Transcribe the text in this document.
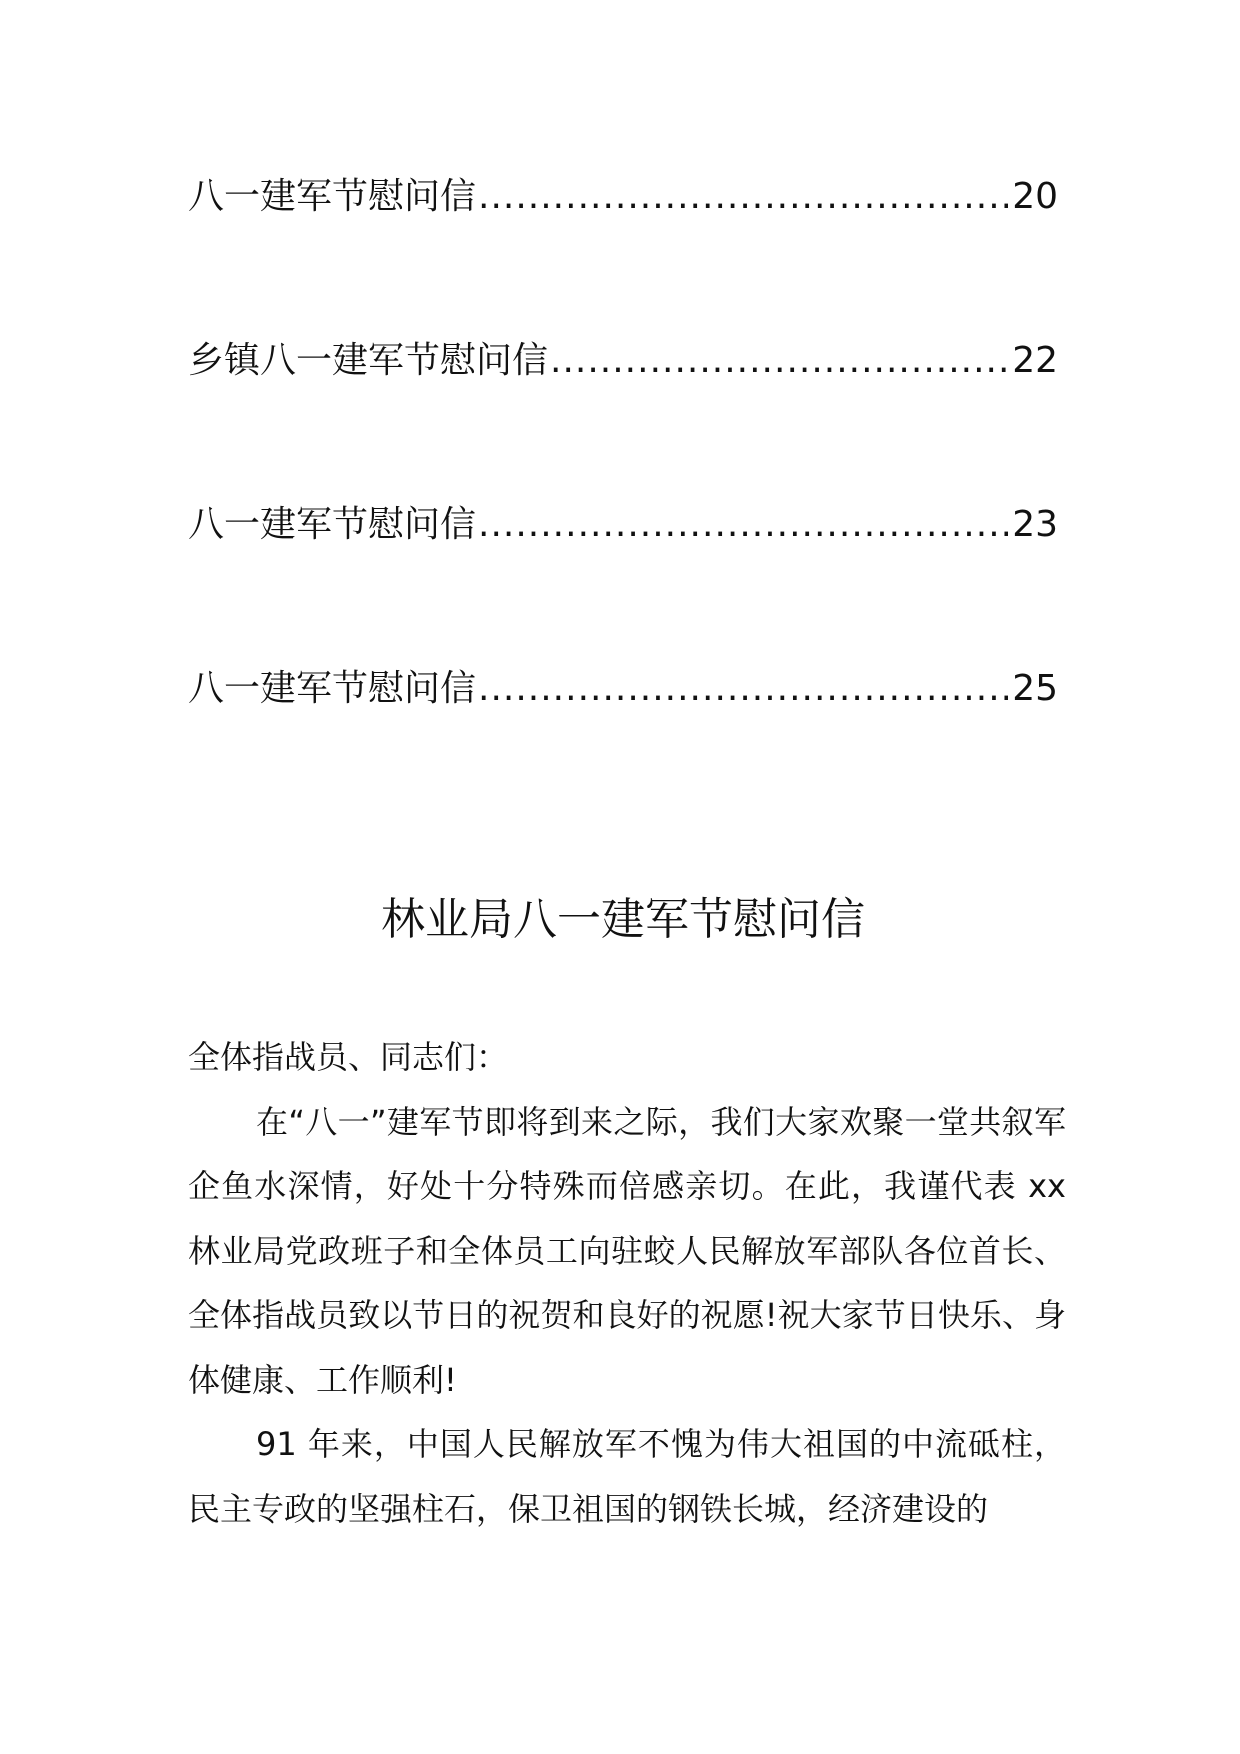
八一建军节慰问信 .....	20
乡镇八一建军节慰问信 .....	22
八一建军节慰问信 .....	23
八一建军节慰问信 .....	25
林业局八一建军节慰问信

全体指战员、同志们：

在“八一”建军节即将到来之际，我们大家欢聚一堂共叙军企鱼水深情，好处十分特殊而倍感亲切。在此，我谨代表 xx 林业局党政班子和全体员工向驻蛟人民解放军部队各位首长、全体指战员致以节日的祝贺和良好的祝愿!祝大家节日快乐、身体健康、工作顺利!

91 年来，中国人民解放军不愧为伟大祖国的中流砥柱，民主专政的坚强柱石，保卫祖国的钢铁长城，经济建设的
